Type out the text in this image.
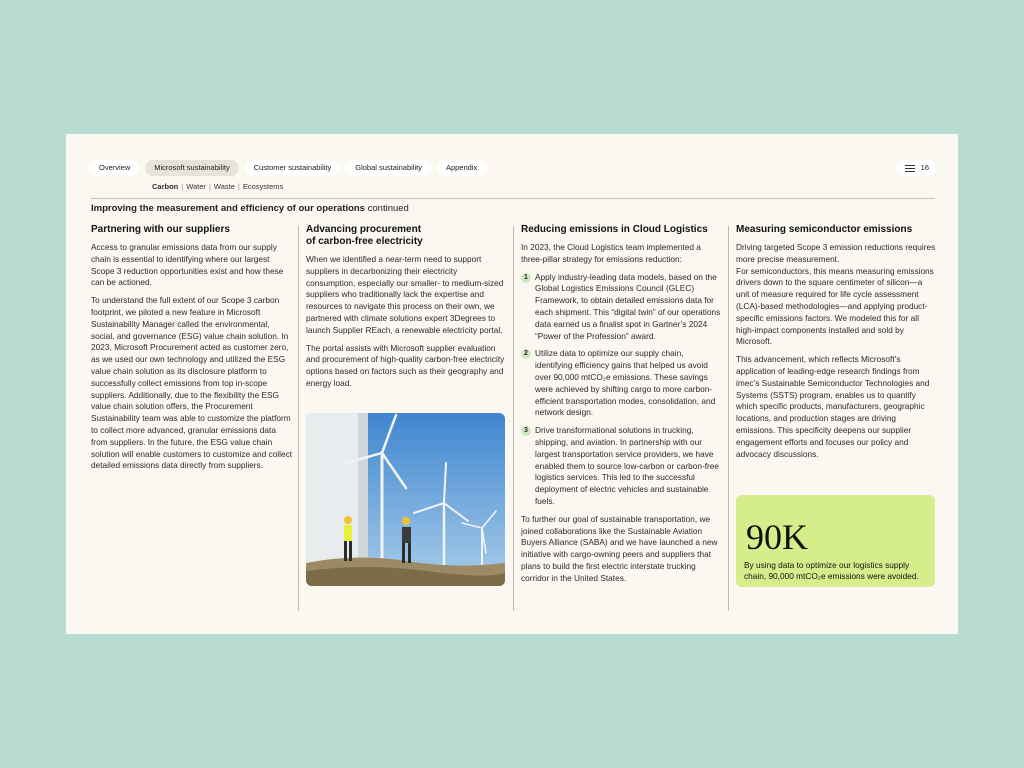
Overview	Microsoft sustainability	Customer sustainability	Global sustainability	Appendix	16
Carbon | Water | Waste | Ecosystems
Improving the measurement and efficiency of our operations continued
Partnering with our suppliers

Access to granular emissions data from our supply chain is essential to identifying where our largest Scope 3 reduction opportunities exist and how these can be actioned.

To understand the full extent of our Scope 3 carbon footprint, we piloted a new feature in Microsoft Sustainability Manager called the environmental, social, and governance (ESG) value chain solution. In 2023, Microsoft Procurement acted as customer zero, as we used our own technology and utilized the ESG value chain solution as its disclosure platform to successfully collect emissions from top in-scope suppliers. Additionally, due to the flexibility the ESG value chain solution offers, the Procurement Sustainability team was able to customize the platform to collect more advanced, granular emissions data from suppliers. In the future, the ESG value chain solution will enable customers to customize and collect detailed emissions data directly from suppliers.

Advancing procurement
of carbon-free electricity

When we identified a near-term need to support suppliers in decarbonizing their electricity consumption, especially our smaller- to medium-sized suppliers who traditionally lack the expertise and resources to navigate this process on their own, we partnered with climate solutions expert 3Degrees to launch Supplier REach, a renewable electricity portal.

The portal assists with Microsoft supplier evaluation and procurement of high-quality carbon-free electricity options based on factors such as their geography and energy load.

Reducing emissions in Cloud Logistics

In 2023, the Cloud Logistics team implemented a three-pillar strategy for emissions reduction:

1 Apply industry-leading data models, based on the Global Logistics Emissions Council (GLEC) Framework, to obtain detailed emissions data for each shipment. This “digital twin” of our operations data earned us a finalist spot in Gartner’s 2024 “Power of the Profession” award.
2 Utilize data to optimize our supply chain, identifying efficiency gains that helped us avoid over 90,000 mtCO₂e emissions. These savings were achieved by shifting cargo to more carbon-efficient transportation modes, consolidation, and network design.
3 Drive transformational solutions in trucking, shipping, and aviation. In partnership with our largest transportation service providers, we have enabled them to source low-carbon or carbon-free logistics services. This led to the successful deployment of electric vehicles and sustainable fuels.

To further our goal of sustainable transportation, we joined collaborations like the Sustainable Aviation Buyers Alliance (SABA) and we have launched a new initiative with cargo-owning peers and suppliers that plans to build the first electric interstate trucking corridor in the United States.

Measuring semiconductor emissions

Driving targeted Scope 3 emission reductions requires more precise measurement.
For semiconductors, this means measuring emissions drivers down to the square centimeter of silicon—a unit of measure required for life cycle assessment (LCA)-based methodologies—and applying product-specific emissions factors. We modeled this for all high-impact components installed and sold by Microsoft.

This advancement, which reflects Microsoft’s application of leading-edge research findings from imec’s Sustainable Semiconductor Technologies and Systems (SSTS) program, enables us to quantify which specific products, manufacturers, geographic locations, and production stages are driving emissions. This specificity deepens our supplier engagement efforts and focuses our policy and advocacy discussions.

90K
By using data to optimize our logistics supply chain, 90,000 mtCO₂e emissions were avoided.
